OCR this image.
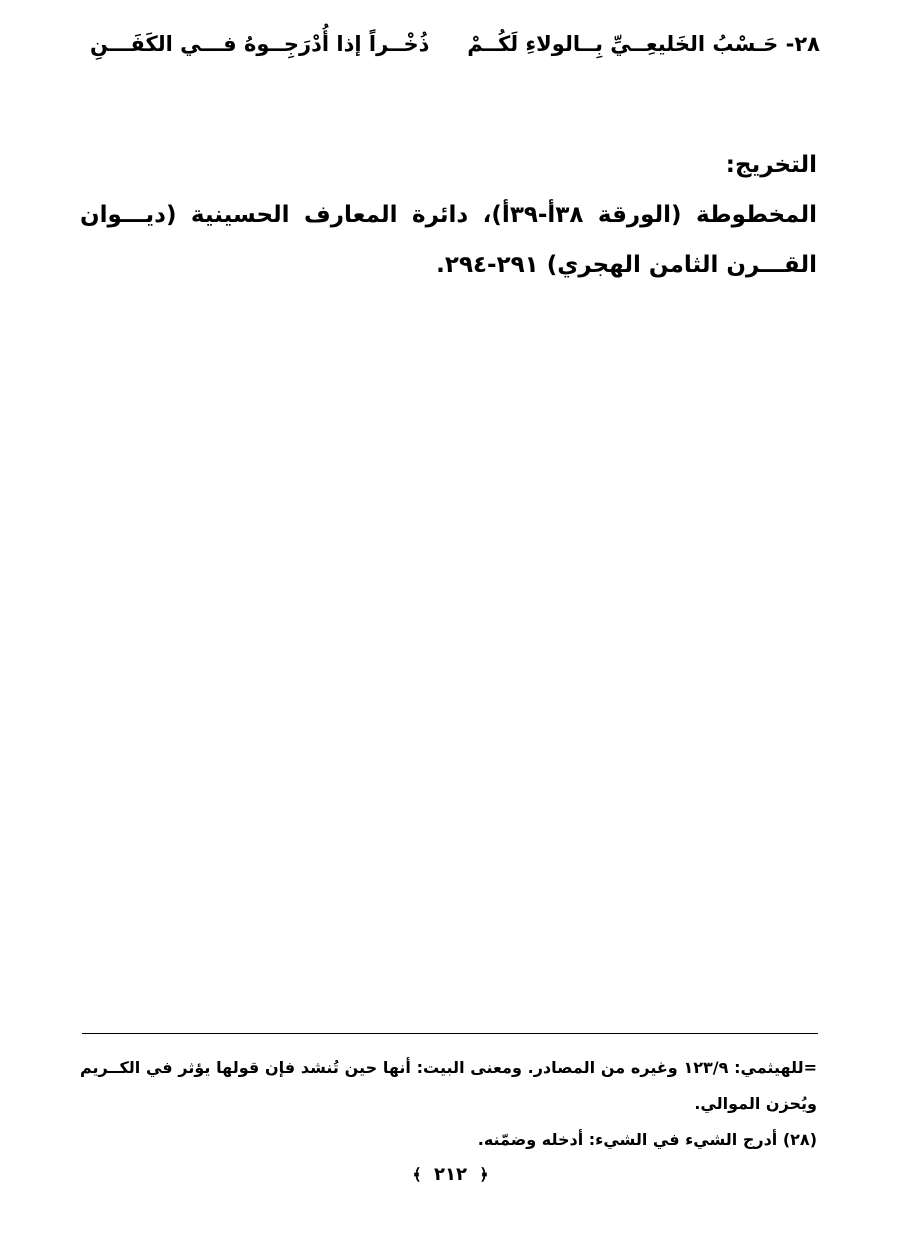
٢٨- حَـسْبُ الخَليعِــيِّ بِــالولاءِ لَكُــمْ
ذُخْــراً إذا أُدْرَجِــوهُ فـــي الكَفَـــنِ
التخريج:
المخطوطة (الورقة ٣٨أ-٣٩أ)، دائرة المعارف الحسينية (ديـــوان القـــرن الثامن الهجري) ٢٩١-٢٩٤.

=للهيثمي: ١٢٣/٩ وغيره من المصادر. ومعنى البيت: أنها حين تُنشد فإن قولها يؤثر في الكــريم ويُحزن الموالي.

(٢٨) أدرج الشيء في الشيء: أدخله وضمّنه.

﴾ ٢١٢ ﴿
